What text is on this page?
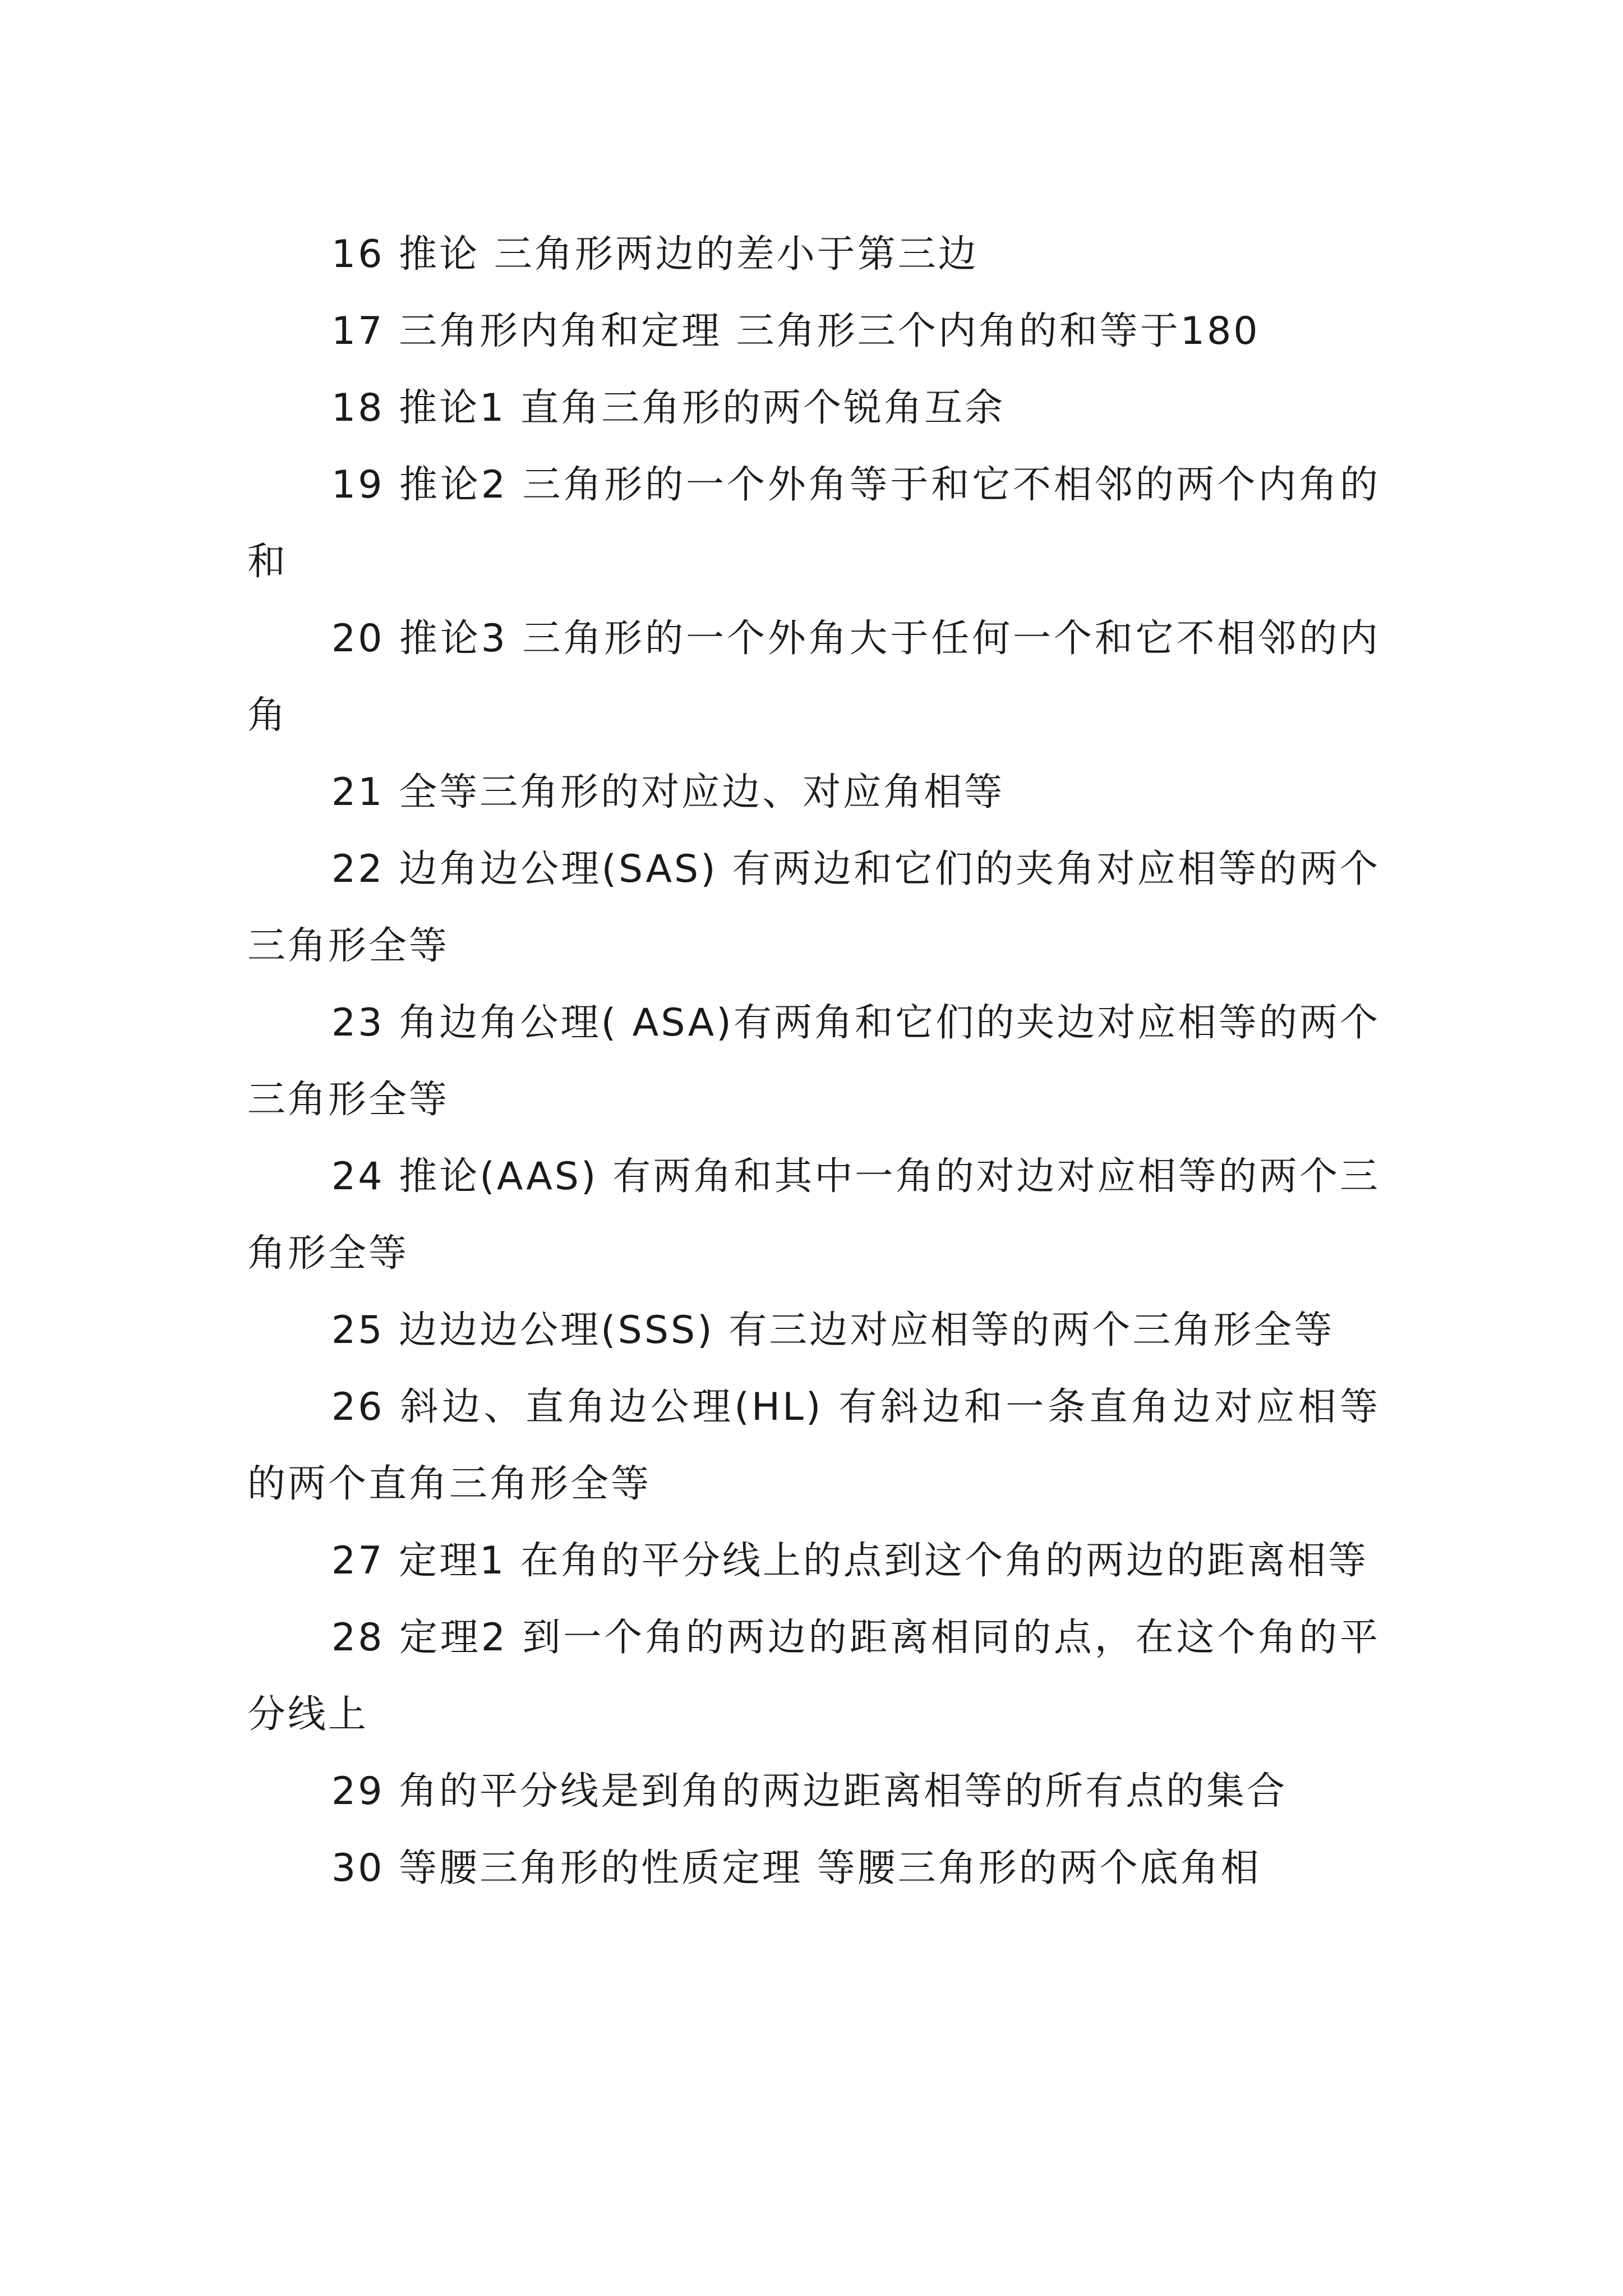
16 推论 三角形两边的差小于第三边

17 三角形内角和定理 三角形三个内角的和等于180

18 推论1 直角三角形的两个锐角互余

19 推论2 三角形的一个外角等于和它不相邻的两个内角的和

20 推论3 三角形的一个外角大于任何一个和它不相邻的内角

21 全等三角形的对应边、对应角相等

22 边角边公理(SAS) 有两边和它们的夹角对应相等的两个三角形全等

23 角边角公理( ASA)有两角和它们的夹边对应相等的两个三角形全等

24 推论(AAS) 有两角和其中一角的对边对应相等的两个三角形全等

25 边边边公理(SSS) 有三边对应相等的两个三角形全等

26 斜边、直角边公理(HL) 有斜边和一条直角边对应相等的两个直角三角形全等

27 定理1 在角的平分线上的点到这个角的两边的距离相等

28 定理2 到一个角的两边的距离相同的点，在这个角的平分线上

29 角的平分线是到角的两边距离相等的所有点的集合

30 等腰三角形的性质定理 等腰三角形的两个底角相
